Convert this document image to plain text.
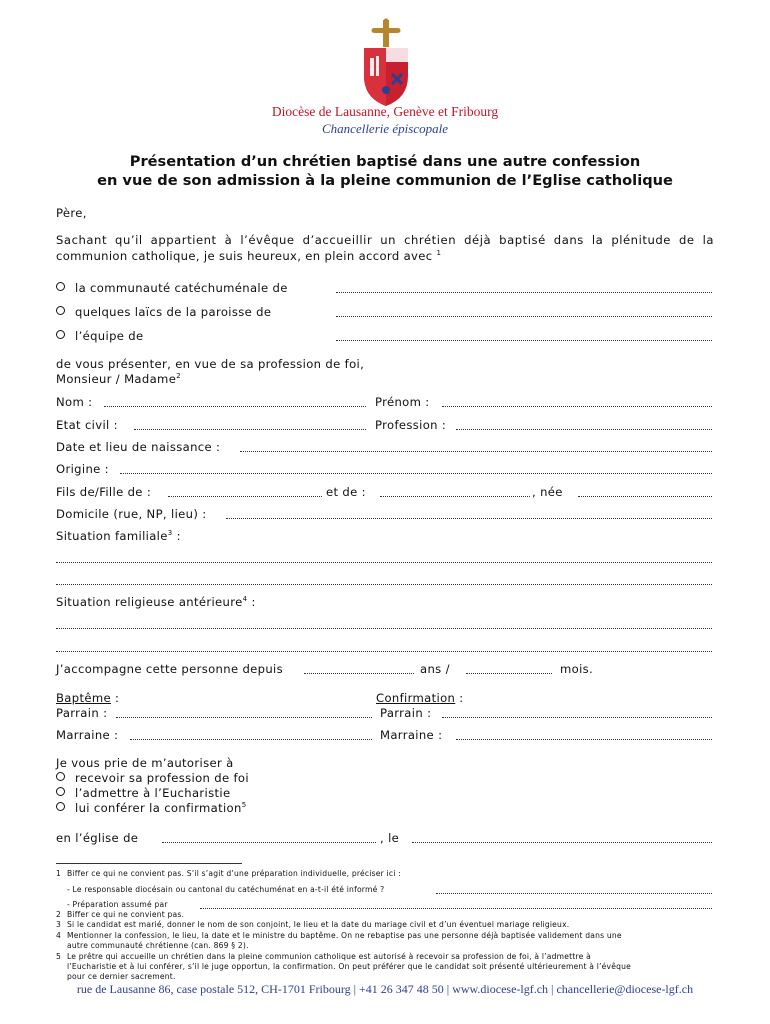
Diocèse de Lausanne, Genève et Fribourg
Chancellerie épiscopale
Présentation d’un chrétien baptisé dans une autre confession
en vue de son admission à la pleine communion de l’Eglise catholique
Père,
Sachant qu’il appartient à l’évêque d’accueillir un chrétien déjà baptisé dans la plénitude de la
communion catholique, je suis heureux, en plein accord avec $^1$
la communauté catéchuménale de
quelques laïcs de la paroisse de
l’équipe de
de vous présenter, en vue de sa profession de foi,
Monsieur / Madame$^2$
Nom :	Prénom :
Etat civil :	Profession :
Date et lieu de naissance :
Origine :
Fils de/Fille de :	et de :	, née
Domicile (rue, NP, lieu) :
Situation familiale$^3$ :
Situation religieuse antérieure$^4$ :
J’accompagne cette personne depuis	ans /	mois.
Baptême :	Confirmation :
Parrain :	Parrain :
Marraine :	Marraine :
Je vous prie de m’autoriser à
recevoir sa profession de foi
l’admettre à l’Eucharistie
lui conférer la confirmation$^5$
en l’église de	, le
1 Biffer ce qui ne convient pas. S’il s’agit d’une préparation individuelle, préciser ici :
- Le responsable diocésain ou cantonal du catéchuménat en a-t-il été informé ?
- Préparation assumé par
2 Biffer ce qui ne convient pas.
3 Si le candidat est marié, donner le nom de son conjoint, le lieu et la date du mariage civil et d’un éventuel mariage religieux.
4 Mentionner la confession, le lieu, la date et le ministre du baptême. On ne rebaptise pas une personne déjà baptisée validement dans une
autre communauté chrétienne (can. 869 § 2).
5 Le prêtre qui accueille un chrétien dans la pleine communion catholique est autorisé à recevoir sa profession de foi, à l’admettre à
l’Eucharistie et à lui conférer, s’il le juge opportun, la confirmation. On peut préférer que le candidat soit présenté ultérieurement à l’évêque
pour ce dernier sacrement.
rue de Lausanne 86, case postale 512, CH-1701 Fribourg | +41 26 347 48 50 | www.diocese-lgf.ch | chancellerie@diocese-lgf.ch
